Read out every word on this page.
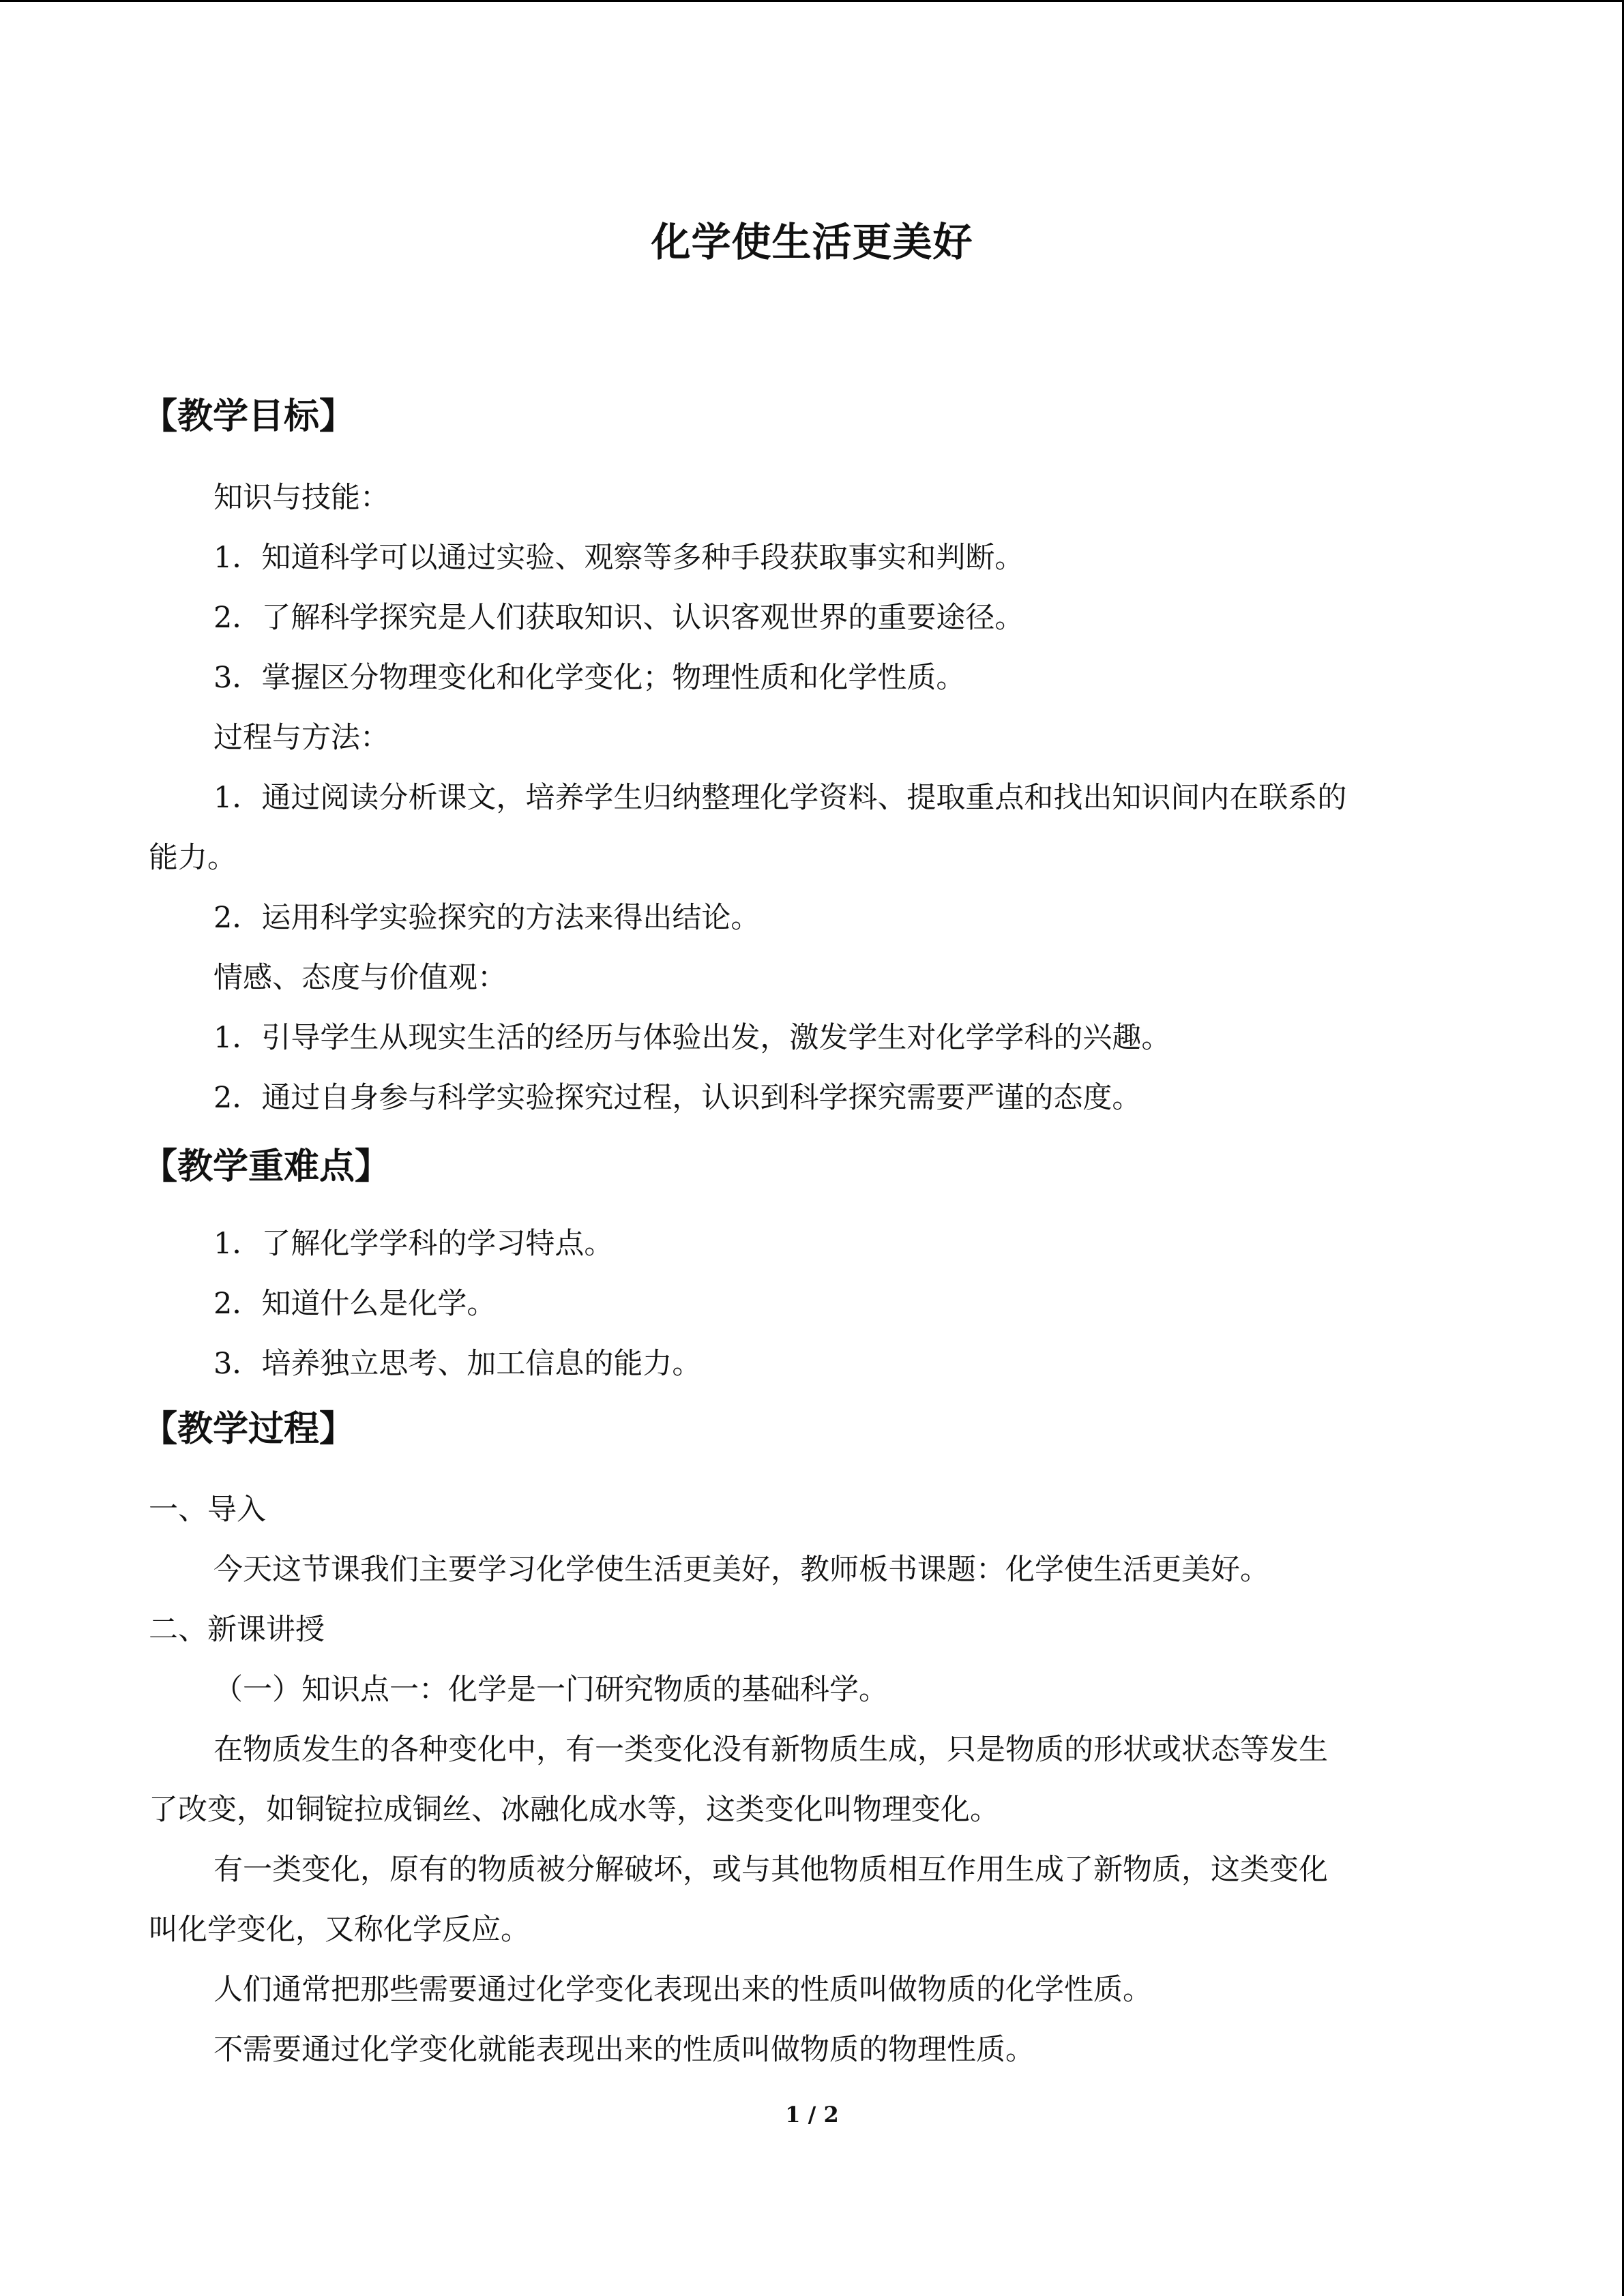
化学使生活更美好
【教学目标】
知识与技能：
1．知道科学可以通过实验、观察等多种手段获取事实和判断。
2．了解科学探究是人们获取知识、认识客观世界的重要途径。
3．掌握区分物理变化和化学变化；物理性质和化学性质。
过程与方法：
1．通过阅读分析课文，培养学生归纳整理化学资料、提取重点和找出知识间内在联系的
能力。
2．运用科学实验探究的方法来得出结论。
情感、态度与价值观：
1．引导学生从现实生活的经历与体验出发，激发学生对化学学科的兴趣。
2．通过自身参与科学实验探究过程，认识到科学探究需要严谨的态度。
【教学重难点】
1．了解化学学科的学习特点。
2．知道什么是化学。
3．培养独立思考、加工信息的能力。
【教学过程】
一、导入
今天这节课我们主要学习化学使生活更美好，教师板书课题：化学使生活更美好。
二、新课讲授
（一）知识点一：化学是一门研究物质的基础科学。
在物质发生的各种变化中，有一类变化没有新物质生成，只是物质的形状或状态等发生
了改变，如铜锭拉成铜丝、冰融化成水等，这类变化叫物理变化。
有一类变化，原有的物质被分解破坏，或与其他物质相互作用生成了新物质，这类变化
叫化学变化，又称化学反应。
人们通常把那些需要通过化学变化表现出来的性质叫做物质的化学性质。
不需要通过化学变化就能表现出来的性质叫做物质的物理性质。
1 / 2
